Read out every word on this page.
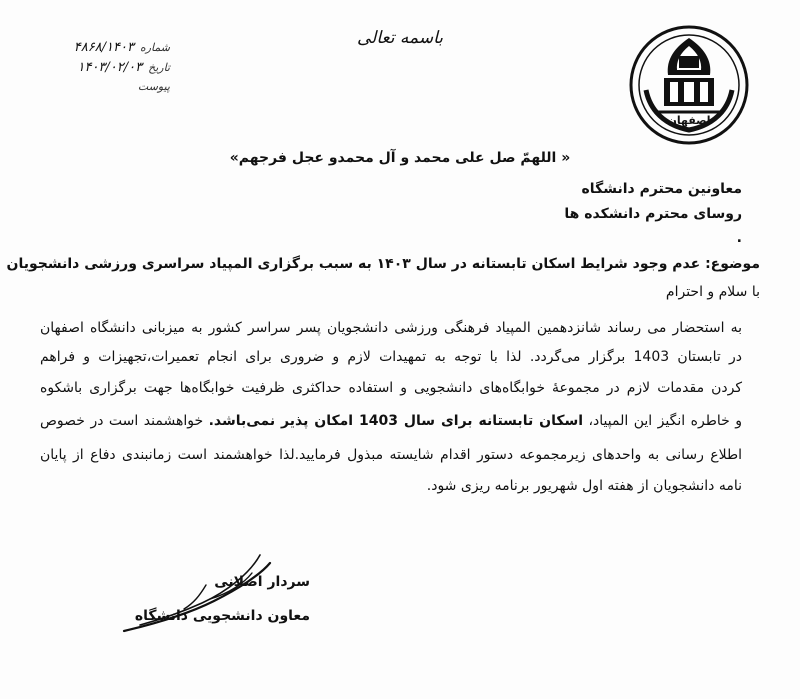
اصفهان
باسمه تعالی
۴۸۶۸/۱۴۰۳ شماره
۱۴۰۳/۰۲/۰۳ تاریخ
پیوست
« اللهمّ صل علی محمد و آل محمدو عجل فرجهم»
معاونین محترم دانشگاه
روسای محترم دانشکده ها
.
موضوع: عدم وجود شرایط اسکان تابستانه در سال ۱۴۰۳ به سبب برگزاری المپیاد سراسری ورزشی دانشجویان
با سلام و احترام
به استحضار می رساند شانزدهمین المپیاد فرهنگی ورزشی دانشجویان پسر سراسر کشور به میزبانی دانشگاه اصفهان
در تابستان 1403 برگزار می‌گردد. لذا با توجه به تمهیدات لازم و ضروری برای انجام تعمیرات،تجهیزات و فراهم
کردن مقدمات لازم در مجموعهٔ خوابگاه‌های دانشجویی و استفاده حداکثری ظرفیت خوابگاه‌ها جهت برگزاری باشکوه
و خاطره انگیز این المپیاد، اسکان تابستانه برای سال 1403 امکان پذیر نمی‌باشد. خواهشمند است در خصوص
اطلاع رسانی به واحدهای زیرمجموعه دستور اقدام شایسته مبذول فرمایید.لذا خواهشمند است زمانبندی دفاع از پایان
نامه دانشجویان از هفته اول شهریور برنامه ریزی شود.
سردار اصلانی
معاون دانشجویی دانشگاه
